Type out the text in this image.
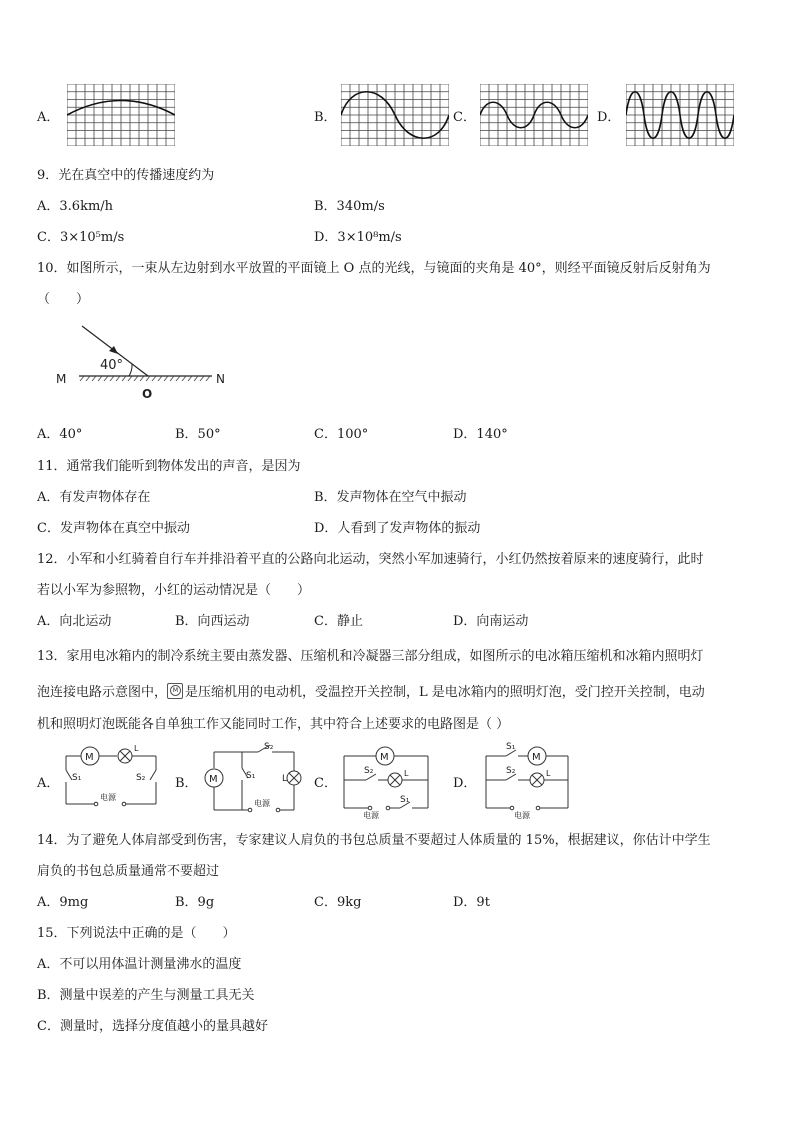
A．	B．	C．	D．
9．光在真空中的传播速度约为
A．3.6km/h	B．340m/s
C．3×10⁵m/s	D．3×10⁸m/s
10．如图所示，一束从左边射到水平放置的平面镜上 O 点的光线，与镜面的夹角是 40°，则经平面镜反射后反射角为
（　　）
40°
M	N
O
A．40°	B．50°	C．100°	D．140°
11．通常我们能听到物体发出的声音，是因为
A．有发声物体存在	B．发声物体在空气中振动
C．发声物体在真空中振动	D．人看到了发声物体的振动
12．小军和小红骑着自行车并排沿着平直的公路向北运动，突然小军加速骑行，小红仍然按着原来的速度骑行，此时
若以小军为参照物，小红的运动情况是（　　）
A．向北运动	B．向西运动	C．静止	D．向南运动
13．家用电冰箱内的制冷系统主要由蒸发器、压缩机和冷凝器三部分组成，如图所示的电冰箱压缩机和冰箱内照明灯
泡连接电路示意图中， M 是压缩机用的电动机，受温控开关控制，L 是电冰箱内的照明灯泡，受门控开关控制，电动
机和照明灯泡既能各自单独工作又能同时工作，其中符合上述要求的电路图是（ ）
A．
M
L
S₁	S₂
电源
B． M	L
S₁
S₂
电源
C．
M
L
S₂
S₁
电源
D．
M
L
S₁
S₂
电源
14．为了避免人体肩部受到伤害，专家建议人肩负的书包总质量不要超过人体质量的 15%，根据建议，你估计中学生
肩负的书包总质量通常不要超过
A．9mg	B．9g	C．9kg	D．9t
15．下列说法中正确的是（　　）
A．不可以用体温计测量沸水的温度
B．测量中误差的产生与测量工具无关
C．测量时，选择分度值越小的量具越好
